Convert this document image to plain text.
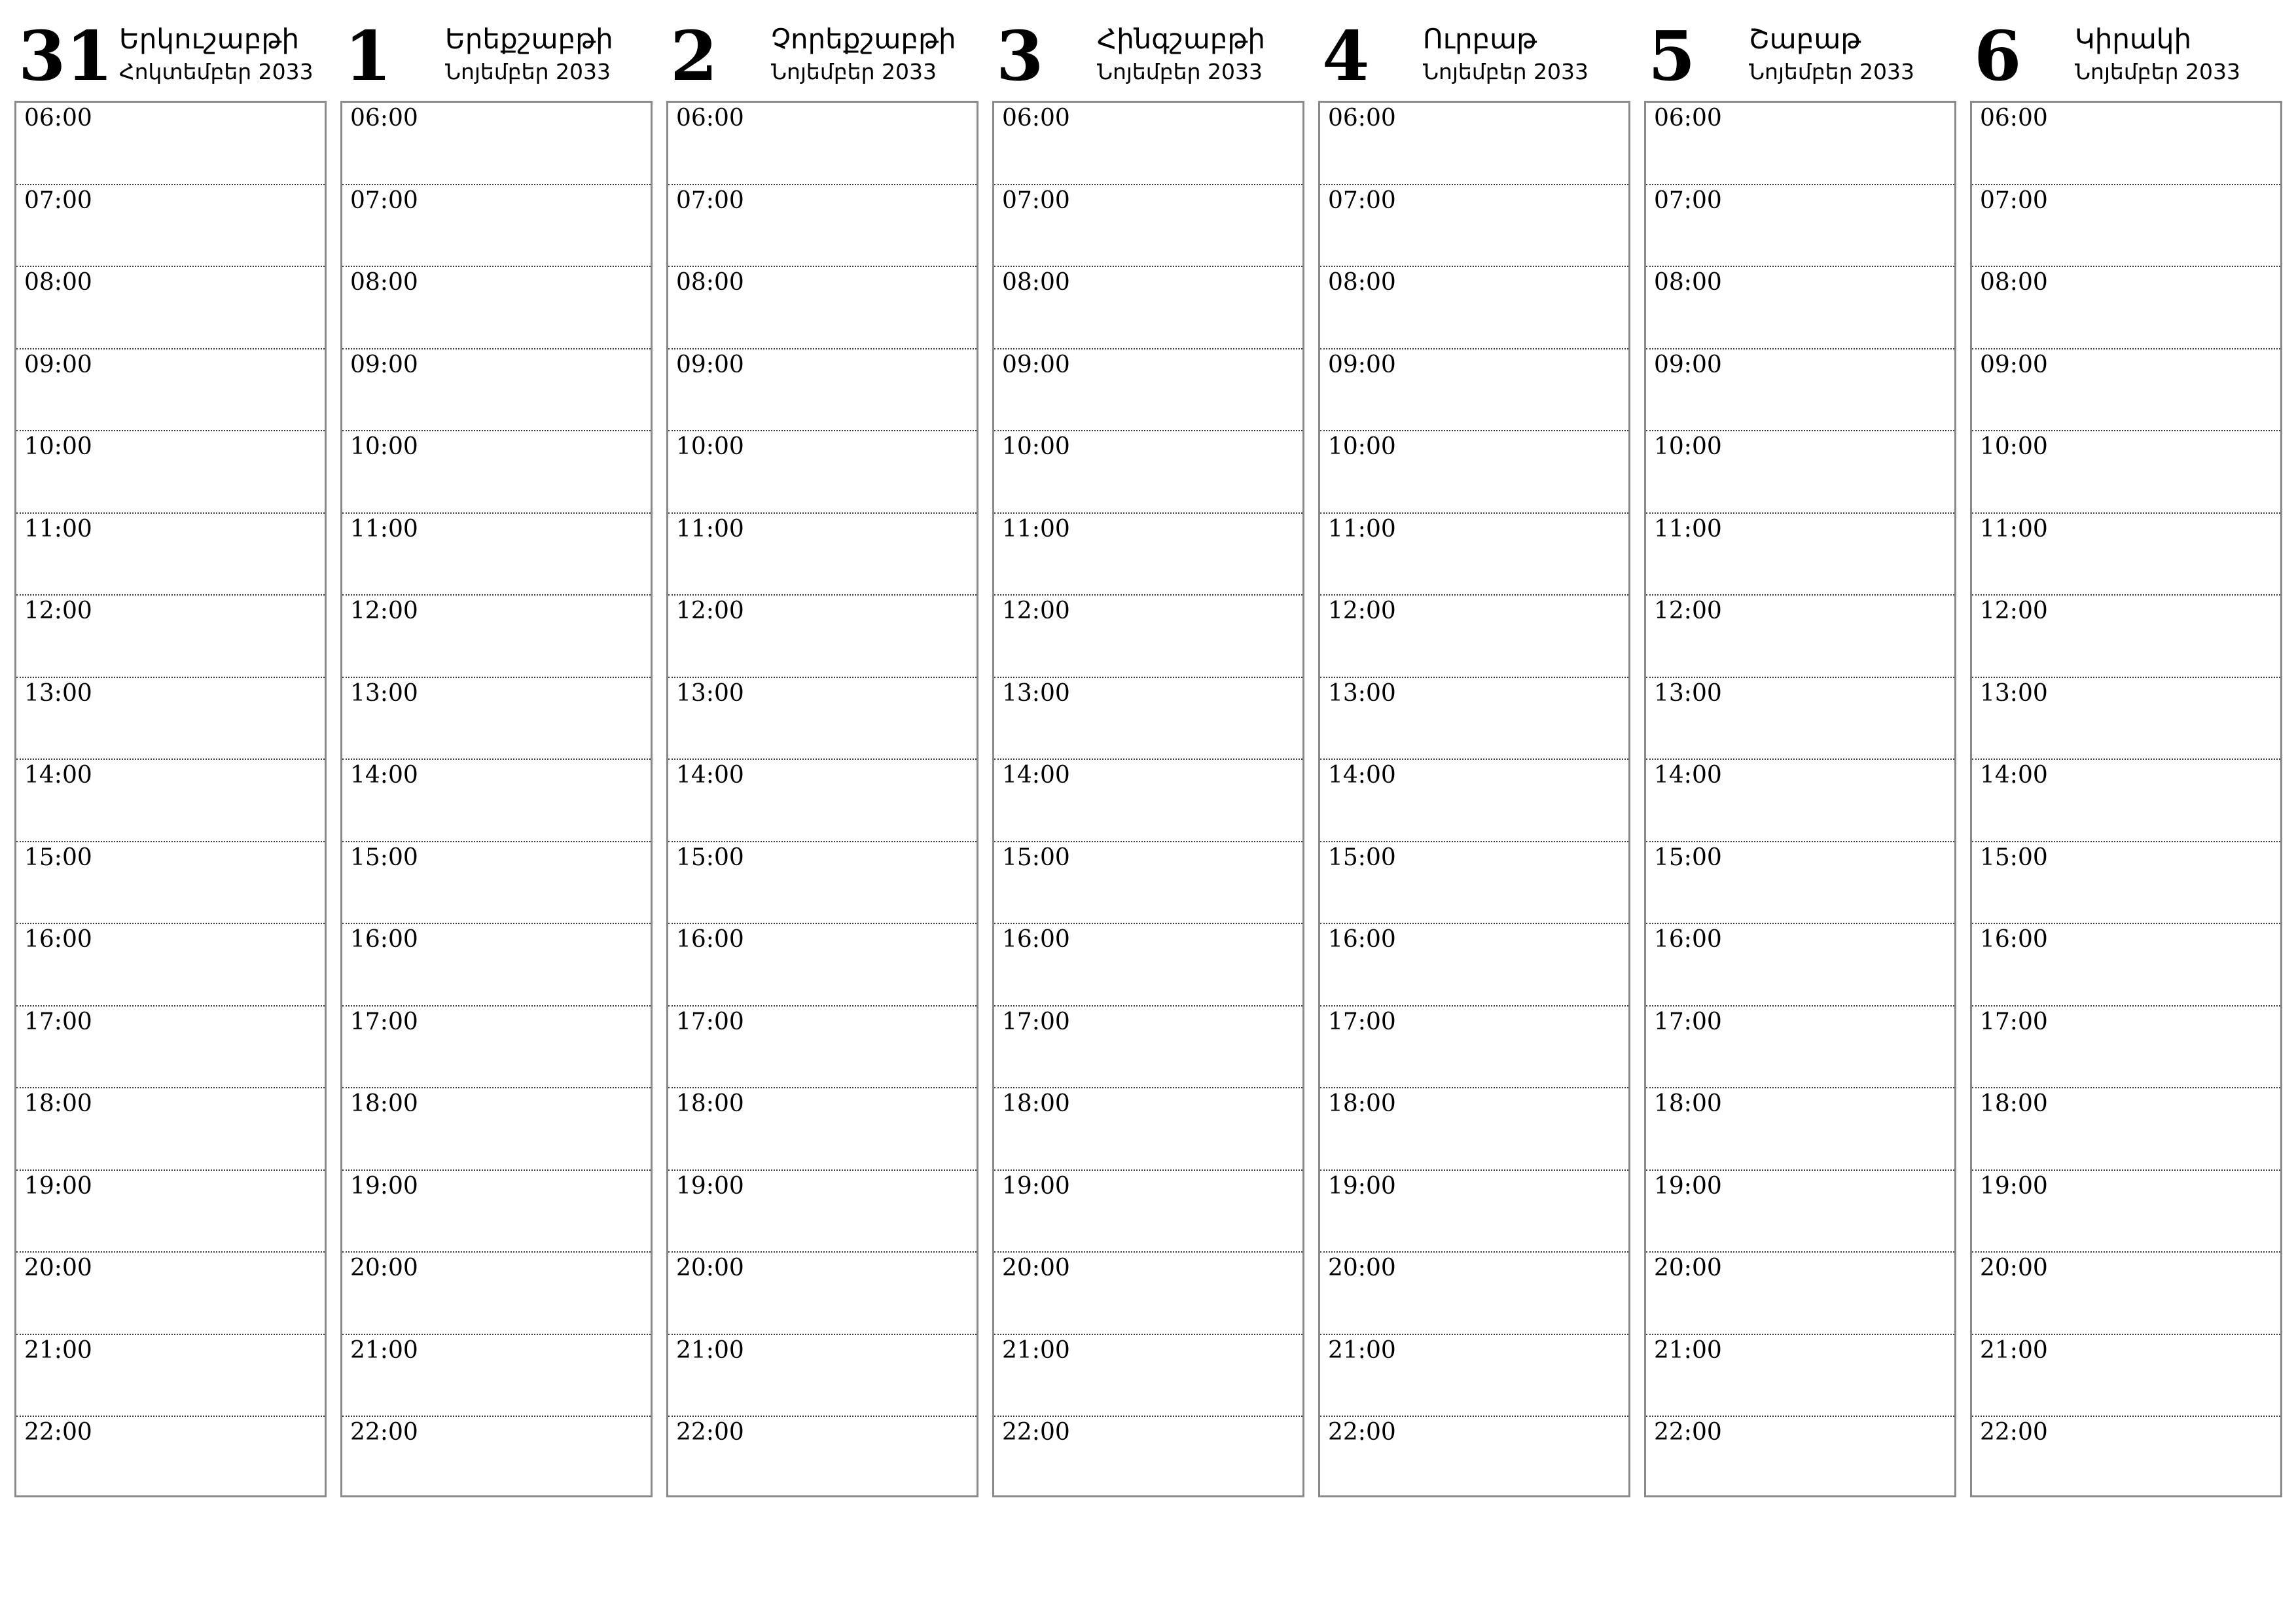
31 Երկուշաբթի
Հոկտեմբեր 2033
06:00
07:00
08:00
09:00
10:00
11:00
12:00
13:00
14:00
15:00
16:00
17:00
18:00
19:00
20:00
21:00
22:00
1 Երեքշաբթի
Նոյեմբեր 2033
06:00
07:00
08:00
09:00
10:00
11:00
12:00
13:00
14:00
15:00
16:00
17:00
18:00
19:00
20:00
21:00
22:00
2 Չորեքշաբթի
Նոյեմբեր 2033
06:00
07:00
08:00
09:00
10:00
11:00
12:00
13:00
14:00
15:00
16:00
17:00
18:00
19:00
20:00
21:00
22:00
3 Հինգշաբթի
Նոյեմբեր 2033
06:00
07:00
08:00
09:00
10:00
11:00
12:00
13:00
14:00
15:00
16:00
17:00
18:00
19:00
20:00
21:00
22:00
4 Ուրբաթ
Նոյեմբեր 2033
06:00
07:00
08:00
09:00
10:00
11:00
12:00
13:00
14:00
15:00
16:00
17:00
18:00
19:00
20:00
21:00
22:00
5 Շաբաթ
Նոյեմբեր 2033
06:00
07:00
08:00
09:00
10:00
11:00
12:00
13:00
14:00
15:00
16:00
17:00
18:00
19:00
20:00
21:00
22:00
6 Կիրակի
Նոյեմբեր 2033
06:00
07:00
08:00
09:00
10:00
11:00
12:00
13:00
14:00
15:00
16:00
17:00
18:00
19:00
20:00
21:00
22:00
